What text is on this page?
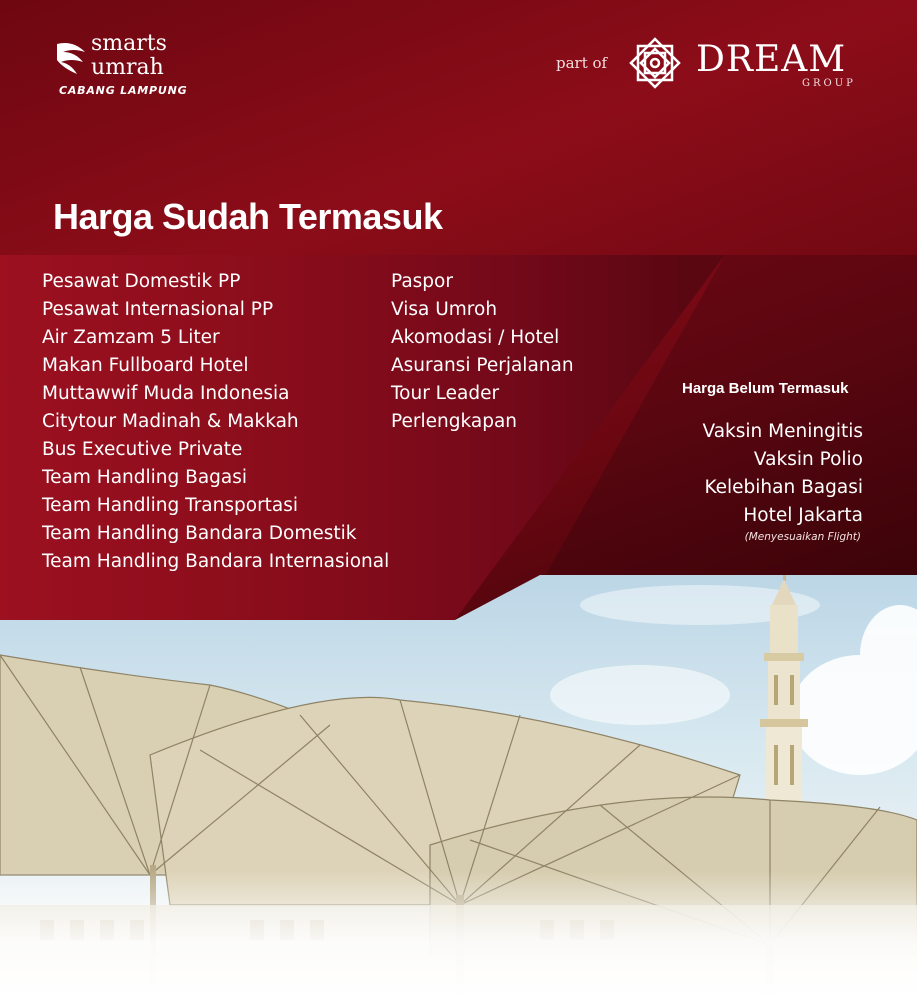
smarts
umrah
CABANG LAMPUNG
part of DREAM
GROUP
Harga Sudah Termasuk
Pesawat Domestik PP
Pesawat Internasional PP
Air Zamzam 5 Liter
Makan Fullboard Hotel
Muttawwif Muda Indonesia
Citytour Madinah & Makkah
Bus Executive Private
Team Handling Bagasi
Team Handling Transportasi
Team Handling Bandara Domestik
Team Handling Bandara Internasional
Paspor
Visa Umroh
Akomodasi / Hotel
Asuransi Perjalanan
Tour Leader
Perlengkapan
Harga Belum Termasuk
Vaksin Meningitis
Vaksin Polio
Kelebihan Bagasi
Hotel Jakarta
(Menyesuaikan Flight)
